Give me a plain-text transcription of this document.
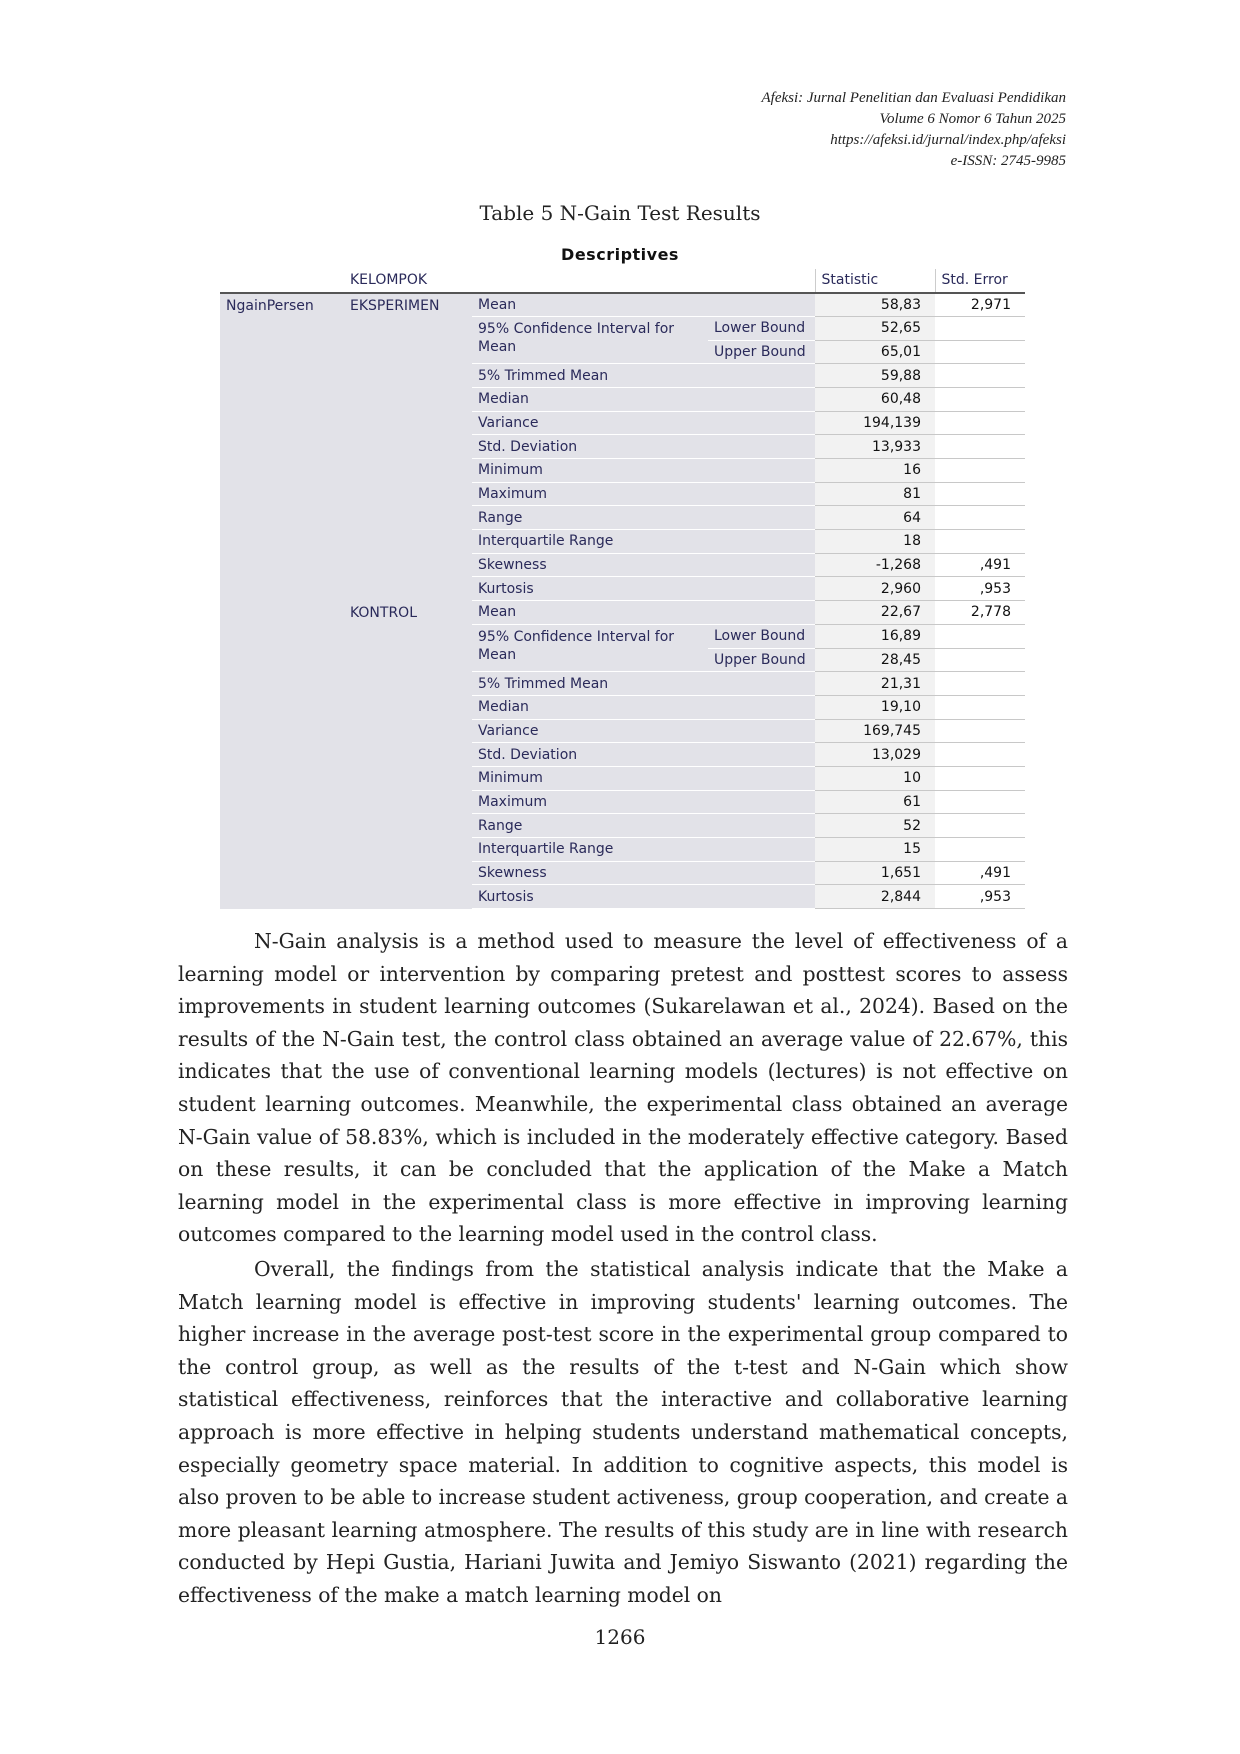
Afeksi: Jurnal Penelitian dan Evaluasi Pendidikan
Volume 6 Nomor 6 Tahun 2025
https://afeksi.id/jurnal/index.php/afeksi
e-ISSN: 2745-9985
Table 5 N-Gain Test Results
Descriptives
	KELOMPOK			Statistic	Std. Error
NgainPersen	EKSPERIMEN	Mean		58,83	2,971
		95% Confidence Interval for Mean	Lower Bound	52,65	
			Upper Bound	65,01	
		5% Trimmed Mean		59,88	
		Median		60,48	
		Variance		194,139	
		Std. Deviation		13,933	
		Minimum		16	
		Maximum		81	
		Range		64	
		Interquartile Range		18	
		Skewness		-1,268	,491
		Kurtosis		2,960	,953
	KONTROL	Mean		22,67	2,778
		95% Confidence Interval for Mean	Lower Bound	16,89	
			Upper Bound	28,45	
		5% Trimmed Mean		21,31	
		Median		19,10	
		Variance		169,745	
		Std. Deviation		13,029	
		Minimum		10	
		Maximum		61	
		Range		52	
		Interquartile Range		15	
		Skewness		1,651	,491
		Kurtosis		2,844	,953

N-Gain analysis is a method used to measure the level of effectiveness of a learning model or intervention by comparing pretest and posttest scores to assess improvements in student learning outcomes (Sukarelawan et al., 2024). Based on the results of the N-Gain test, the control class obtained an average value of 22.67%, this indicates that the use of conventional learning models (lectures) is not effective on student learning outcomes. Meanwhile, the experimental class obtained an average N-Gain value of 58.83%, which is included in the moderately effective category. Based on these results, it can be concluded that the application of the Make a Match learning model in the experimental class is more effective in improving learning outcomes compared to the learning model used in the control class.

Overall, the findings from the statistical analysis indicate that the Make a Match learning model is effective in improving students' learning outcomes. The higher increase in the average post-test score in the experimental group compared to the control group, as well as the results of the t-test and N-Gain which show statistical effectiveness, reinforces that the interactive and collaborative learning approach is more effective in helping students understand mathematical concepts, especially geometry space material. In addition to cognitive aspects, this model is also proven to be able to increase student activeness, group cooperation, and create a more pleasant learning atmosphere. The results of this study are in line with research conducted by Hepi Gustia, Hariani Juwita and Jemiyo Siswanto (2021) regarding the effectiveness of the make a match learning model on

1266
